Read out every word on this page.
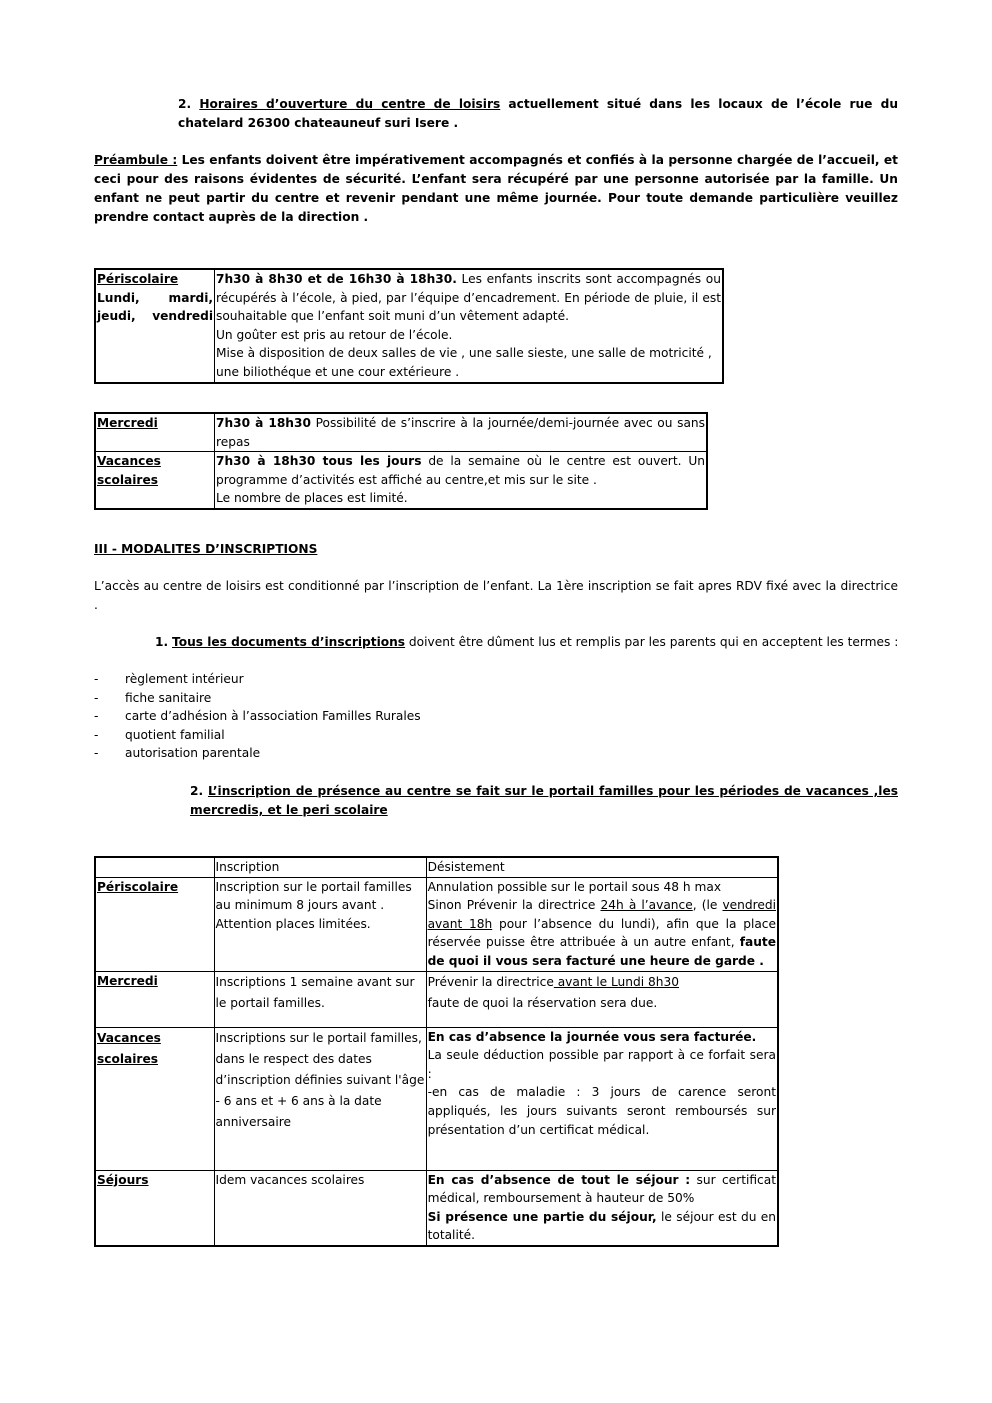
2. Horaires d’ouverture du centre de loisirs actuellement situé dans les locaux de l’école rue du chatelard 26300 chateauneuf suri Isere .
Préambule : Les enfants doivent être impérativement accompagnés et confiés à la personne chargée de l’accueil, et ceci pour des raisons évidentes de sécurité. L’enfant sera récupéré par une personne autorisée par la famille. Un enfant ne peut partir du centre et revenir pendant une même journée. Pour toute demande particulière veuillez prendre contact auprès de la direction .
Périscolaire
Lundi, mardi, jeudi, vendredi
	7h30 à 8h30 et de 16h30 à 18h30. Les enfants inscrits sont accompagnés ou récupérés à l’école, à pied, par l’équipe d’encadrement. En période de pluie, il est souhaitable que l’enfant soit muni d’un vêtement adapté.
Un goûter est pris au retour de l’école.
Mise à disposition de deux salles de vie , une salle sieste, une salle de motricité , une biliothéque et une cour extérieure .
Mercredi	7h30 à 18h30 Possibilité de s’inscrire à la journée/demi-journée avec ou sans repas

Vacances scolaires	7h30 à 18h30 tous les jours de la semaine où le centre est ouvert. Un programme d’activités est affiché au centre,et mis sur le site .
Le nombre de places est limité.
III - MODALITES D’INSCRIPTIONS
L’accès au centre de loisirs est conditionné par l’inscription de l’enfant. La 1ère inscription se fait apres RDV fixé avec la directrice .
1. Tous les documents d’inscriptions doivent être dûment lus et remplis par les parents qui en acceptent les termes :
- règlement intérieur
- fiche sanitaire
- carte d’adhésion à l’association Familles Rurales
- quotient familial
- autorisation parentale
2. L’inscription de présence au centre se fait sur le portail familles pour les périodes de vacances ,les mercredis, et le peri scolaire
	Inscription	Désistement
Périscolaire	Inscription sur le portail familles au minimum 8 jours avant . Attention places limitées.	Annulation possible sur le portail sous 48 h max
Sinon Prévenir la directrice 24h à l’avance, (le vendredi avant 18h pour l’absence du lundi), afin que la place réservée puisse être attribuée à un autre enfant, faute de quoi il vous sera facturé une heure de garde .
Mercredi	Inscriptions 1 semaine avant sur le portail familles.	Prévenir la directrice avant le Lundi 8h30
faute de quoi la réservation sera due.

Vacances scolaires	Inscriptions sur le portail familles, dans le respect des dates d’inscription définies suivant l'âge - 6 ans et + 6 ans à la date anniversaire	En cas d’absence la journée vous sera facturée.
La seule déduction possible par rapport à ce forfait sera :
-en cas de maladie : 3 jours de carence seront appliqués, les jours suivants seront remboursés sur présentation d’un certificat médical.

Séjours	Idem vacances scolaires	En cas d’absence de tout le séjour : sur certificat médical, remboursement à hauteur de 50%
Si présence une partie du séjour, le séjour est du en totalité.
